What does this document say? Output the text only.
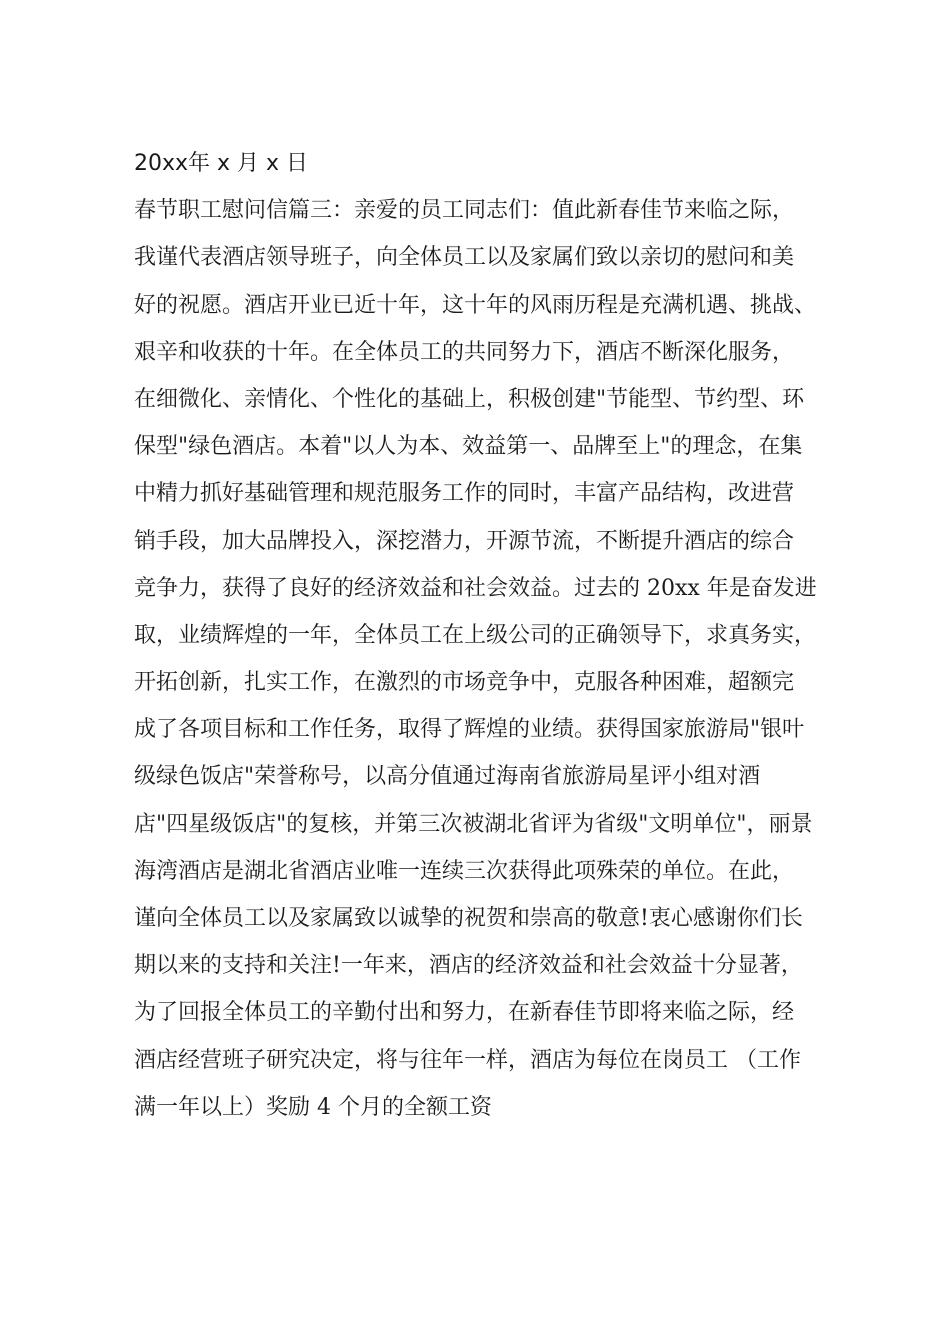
20xx年 x 月 x 日
春节职工慰问信篇三：亲爱的员工同志们：值此新春佳节来临之际，
我谨代表酒店领导班子，向全体员工以及家属们致以亲切的慰问和美
好的祝愿。酒店开业已近十年，这十年的风雨历程是充满机遇、挑战、
艰辛和收获的十年。在全体员工的共同努力下，酒店不断深化服务，
在细微化、亲情化、个性化的基础上，积极创建"节能型、节约型、环
保型"绿色酒店。本着"以人为本、效益第一、品牌至上"的理念，在集
中精力抓好基础管理和规范服务工作的同时，丰富产品结构，改进营
销手段，加大品牌投入，深挖潜力，开源节流，不断提升酒店的综合
竞争力，获得了良好的经济效益和社会效益。过去的 20xx 年是奋发进
取，业绩辉煌的一年，全体员工在上级公司的正确领导下，求真务实，
开拓创新，扎实工作，在激烈的市场竞争中，克服各种困难，超额完
成了各项目标和工作任务，取得了辉煌的业绩。获得国家旅游局"银叶
级绿色饭店"荣誉称号，以高分值通过海南省旅游局星评小组对酒
店"四星级饭店"的复核，并第三次被湖北省评为省级"文明单位"，丽景
海湾酒店是湖北省酒店业唯一连续三次获得此项殊荣的单位。在此，
谨向全体员工以及家属致以诚挚的祝贺和崇高的敬意!衷心感谢你们长
期以来的支持和关注!一年来，酒店的经济效益和社会效益十分显著，
为了回报全体员工的辛勤付出和努力，在新春佳节即将来临之际，经
酒店经营班子研究决定，将与往年一样，酒店为每位在岗员工 （工作
满一年以上）奖励 4 个月的全额工资
